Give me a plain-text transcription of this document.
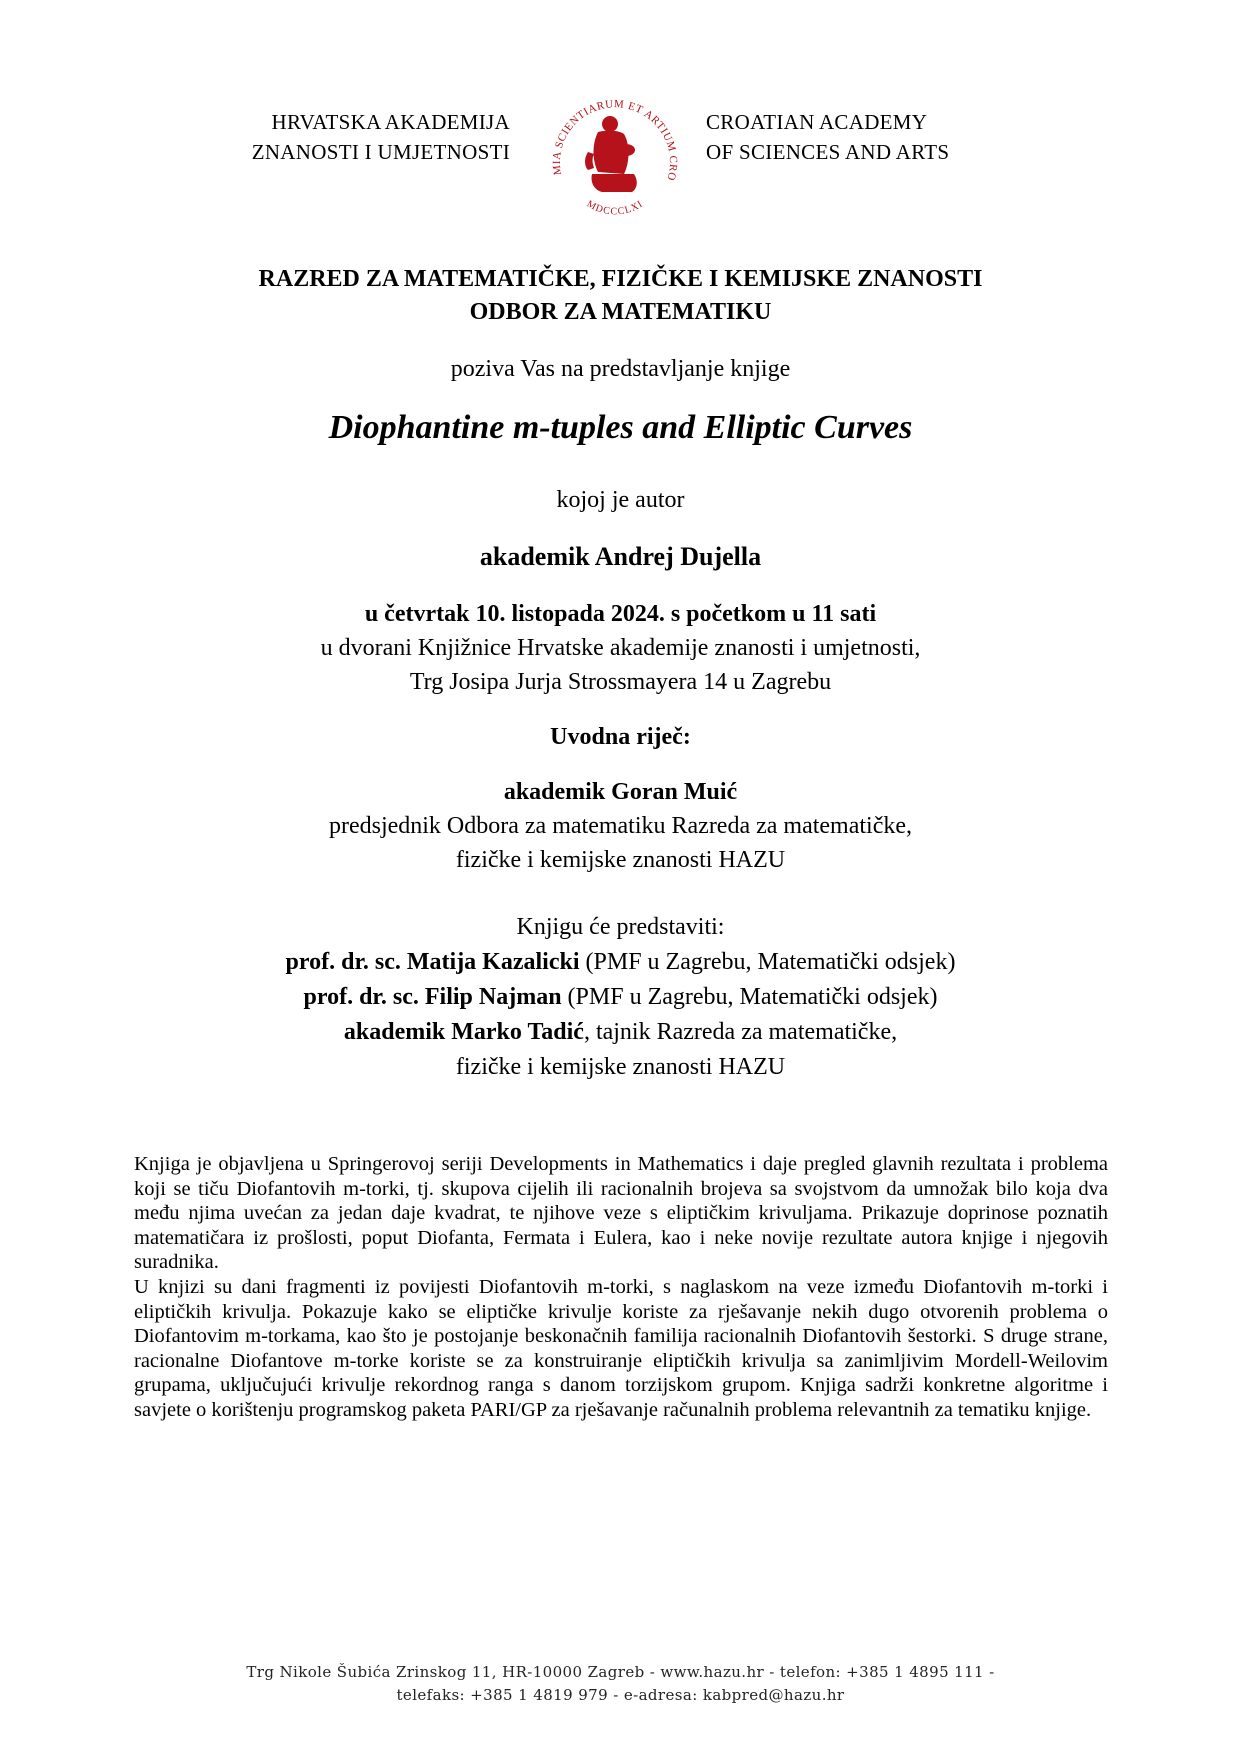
HRVATSKA AKADEMIJA
ZNANOSTI I UMJETNOSTI
MIA SCIENTIARUM ET ARTIUM CRO
MDCCCLXI
CROATIAN ACADEMY
OF SCIENCES AND ARTS
RAZRED ZA MATEMATIČKE, FIZIČKE I KEMIJSKE ZNANOSTI
ODBOR ZA MATEMATIKU
poziva Vas na predstavljanje knjige
Diophantine m-tuples and Elliptic Curves
kojoj je autor
akademik Andrej Dujella
u četvrtak 10. listopada 2024. s početkom u 11 sati
u dvorani Knjižnice Hrvatske akademije znanosti i umjetnosti,
Trg Josipa Jurja Strossmayera 14 u Zagrebu
Uvodna riječ:
akademik Goran Muić
predsjednik Odbora za matematiku Razreda za matematičke,
fizičke i kemijske znanosti HAZU
Knjigu će predstaviti:
prof. dr. sc. Matija Kazalicki (PMF u Zagrebu, Matematički odsjek)
prof. dr. sc. Filip Najman (PMF u Zagrebu, Matematički odsjek)
akademik Marko Tadić, tajnik Razreda za matematičke,
fizičke i kemijske znanosti HAZU

Knjiga je objavljena u Springerovoj seriji Developments in Mathematics i daje pregled glavnih rezultata i problema koji se tiču Diofantovih m-torki, tj. skupova cijelih ili racionalnih brojeva sa svojstvom da umnožak bilo koja dva među njima uvećan za jedan daje kvadrat, te njihove veze s eliptičkim krivuljama. Prikazuje doprinose poznatih matematičara iz prošlosti, poput Diofanta, Fermata i Eulera, kao i neke novije rezultate autora knjige i njegovih suradnika.

U knjizi su dani fragmenti iz povijesti Diofantovih m-torki, s naglaskom na veze između Diofantovih m-torki i eliptičkih krivulja. Pokazuje kako se eliptičke krivulje koriste za rješavanje nekih dugo otvorenih problema o Diofantovim m-torkama, kao što je postojanje beskonačnih familija racionalnih Diofantovih šestorki. S druge strane, racionalne Diofantove m-torke koriste se za konstruiranje eliptičkih krivulja sa zanimljivim Mordell-Weilovim grupama, uključujući krivulje rekordnog ranga s danom torzijskom grupom. Knjiga sadrži konkretne algoritme i savjete o korištenju programskog paketa PARI/GP za rješavanje računalnih problema relevantnih za tematiku knjige.

Trg Nikole Šubića Zrinskog 11, HR-10000 Zagreb - www.hazu.hr - telefon: +385 1 4895 111 -
telefaks: +385 1 4819 979 - e-adresa: kabpred@hazu.hr
